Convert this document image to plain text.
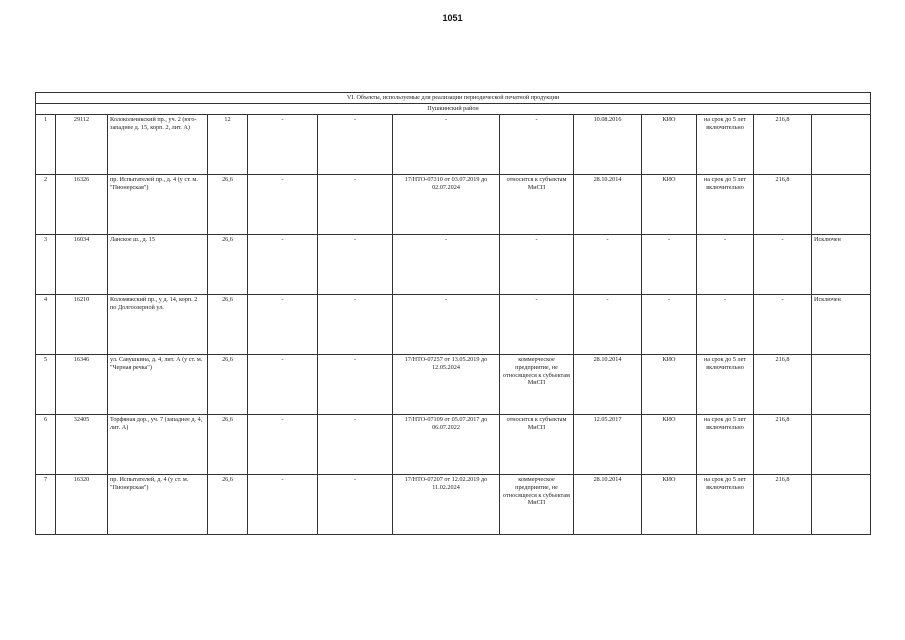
1051
VI. Объекты, используемые для реализации периодической печатной продукции												
Пушкинский район												
1	29112	Колокольчикский пр., уч. 2 (юго-западнее д. 15, корп. 2, лит. А)	12	-	-	-	-	10.08.2016	КИО	на срок до 5 лет включительно	216,8	
2	16326	пр. Испытателей пр., д. 4 (у ст. м. "Пионерская")	26,6	-	-	17/НТО-07310 от 03.07.2019 до 02.07.2024	относится к субъектам МиСП	28.10.2014	КИО	на срок до 5 лет включительно	216,8	
3	16034	Ланское ш., д. 15	26,6	-	-	-	-	-	-	-	-	Исключен
4	16210	Коломяжский пр., у д. 14, корп. 2 по Долгоозерной ул.	26,6	-	-	-	-	-	-	-	-	Исключен
5	16346	ул. Савушкина, д. 4, лит. А (у ст. м. "Черная речка")	26,6	-	-	17/НТО-07257 от 13.05.2019 до 12.05.2024	коммерческое предприятие, не относящееся к субъектам МиСП	28.10.2014	КИО	на срок до 5 лет включительно	216,8	
6	32405	Торфяная дор., уч. 7 (западнее д. 4, лит. А)	26,6	-	-	17/НТО-07109 от 05.07.2017 до 06.07.2022	относится к субъектам МиСП	12.05.2017	КИО	на срок до 5 лет включительно	216,8	
7	16320	пр. Испытателей, д. 4 (у ст. м. "Пионерская")	26,6	-	-	17/НТО-07207 от 12.02.2019 до 11.02.2024	коммерческое предприятие, не относящееся к субъектам МиСП	28.10.2014	КИО	на срок до 5 лет включительно	216,8	
